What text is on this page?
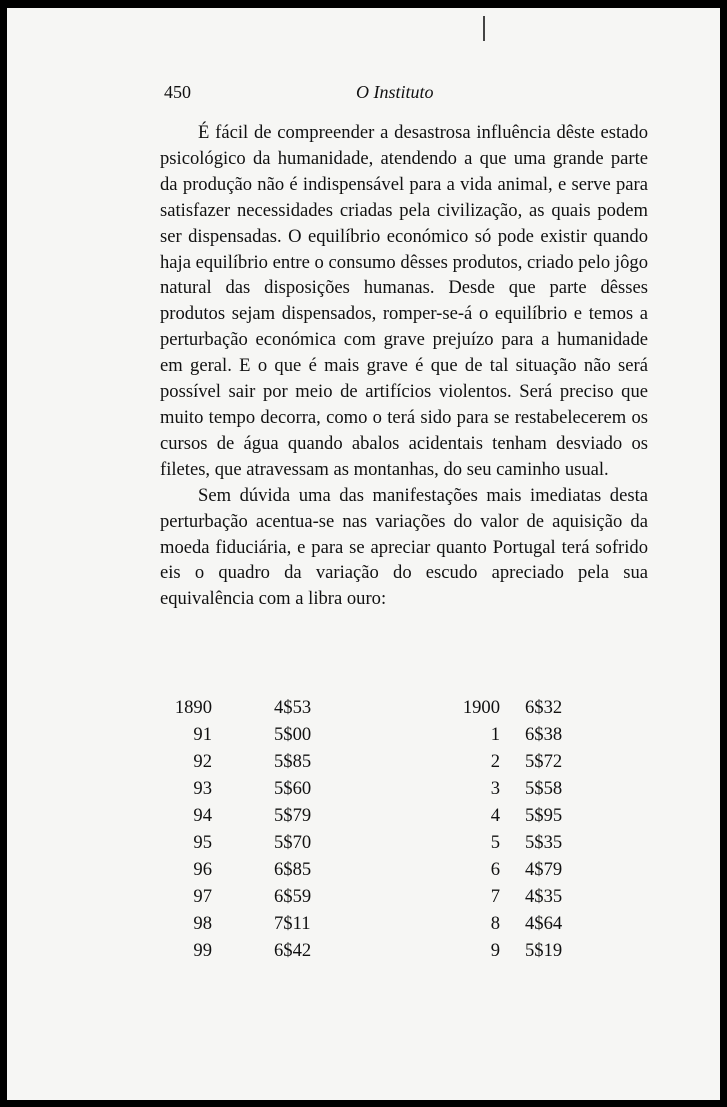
450	O Instituto

É fácil de compreender a desastrosa influência dêste estado psicológico da humanidade, atendendo a que uma grande parte da produção não é indispensável para a vida animal, e serve para satisfazer necessidades criadas pela civilização, as quais podem ser dispensadas. O equilíbrio económico só pode existir quando haja equilíbrio entre o consumo dêsses produtos, criado pelo jôgo natural das disposições humanas. Desde que parte dêsses produtos sejam dispensados, romper-se-á o equilíbrio e temos a perturbação económica com grave prejuízo para a humanidade em geral. E o que é mais grave é que de tal situação não será possível sair por meio de artifícios violentos. Será preciso que muito tempo decorra, como o terá sido para se restabelecerem os cursos de água quando abalos acidentais tenham desviado os filetes, que atravessam as montanhas, do seu caminho usual.

Sem dúvida uma das manifestações mais imediatas desta perturbação acentua-se nas variações do valor de aquisição da moeda fiduciária, e para se apreciar quanto Portugal terá sofrido eis o quadro da variação do escudo apreciado pela sua equivalência com a libra ouro:

1890	4$53	1900 6$32
91	5$00	1 6$38
92	5$85	2 5$72
93	5$60	3 5$58
94	5$79	4 5$95
95	5$70	5 5$35
96	6$85	6 4$79
97	6$59	7 4$35
98	7$11	8 4$64
99	6$42	9 5$19
